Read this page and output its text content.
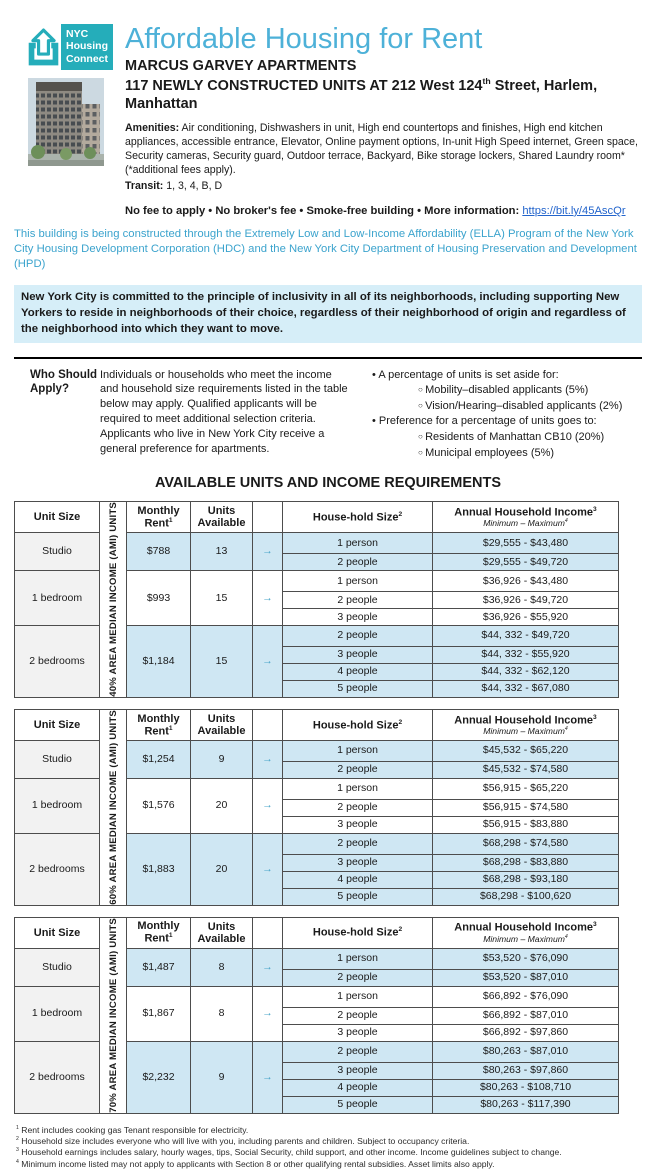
NYC
Housing
Connect
Affordable Housing for Rent
MARCUS GARVEY APARTMENTS
117 NEWLY CONSTRUCTED UNITS AT 212 West 124th Street, Harlem, Manhattan

Amenities: Air conditioning, Dishwashers in unit, High end countertops and finishes, High end kitchen appliances, accessible entrance, Elevator, Online payment options, In-unit High Speed internet, Green space, Security cameras, Security guard, Outdoor terrace, Backyard, Bike storage lockers, Shared Laundry room* (*additional fees apply).

Transit: 1, 3, 4, B, D

No fee to apply • No broker's fee • Smoke-free building • More information: https://bit.ly/45AscQr

This building is being constructed through the Extremely Low and Low-Income Affordability (ELLA) Program of the New York City Housing Development Corporation (HDC) and the New York City Department of Housing Preservation and Development (HPD)

New York City is committed to the principle of inclusivity in all of its neighborhoods, including supporting New Yorkers to reside in neighborhoods of their choice, regardless of their neighborhood of origin and regardless of the neighborhood into which they want to move.
Who Should Apply?
Individuals or households who meet the income and household size requirements listed in the table below may apply. Qualified applicants will be required to meet additional selection criteria. Applicants who live in New York City receive a general preference for apartments.
• A percentage of units is set aside for:
○ Mobility–disabled applicants (5%)
○ Vision/Hearing–disabled applicants (2%)
• Preference for a percentage of units goes to:
○ Residents of Manhattan CB10 (20%)
○ Municipal employees (5%)
AVAILABLE UNITS AND INCOME REQUIREMENTS
Unit Size	40% AREA MEDIAN INCOME (AMI) UNITS	Monthly Rent$^1$	Units Available		House-hold Size$^2$	Annual Household Income$^3$
Minimum – Maximum$^4$

Studio		$788	13	→	1 person	$29,555 - $43,480
					2 people	$29,555 - $49,720
1 bedroom		$993	15	→	1 person	$36,926 - $43,480
					2 people	$36,926 - $49,720
					3 people	$36,926 - $55,920
2 bedrooms		$1,184	15	→	2 people	$44, 332 - $49,720
					3 people	$44, 332 - $55,920
					4 people	$44, 332 - $62,120
					5 people	$44, 332 - $67,080
Unit Size	60% AREA MEDIAN INCOME (AMI) UNITS	Monthly Rent$^1$	Units Available		House-hold Size$^2$	Annual Household Income$^3$
Minimum – Maximum$^4$

Studio		$1,254	9	→	1 person	$45,532 - $65,220
					2 people	$45,532 - $74,580
1 bedroom		$1,576	20	→	1 person	$56,915 - $65,220
					2 people	$56,915 - $74,580
					3 people	$56,915 - $83,880
2 bedrooms		$1,883	20	→	2 people	$68,298 - $74,580
					3 people	$68,298 - $83,880
					4 people	$68,298 - $93,180
					5 people	$68,298 - $100,620
Unit Size	70% AREA MEDIAN INCOME (AMI) UNITS	Monthly Rent$^1$	Units Available		House-hold Size$^2$	Annual Household Income$^3$
Minimum – Maximum$^4$

Studio		$1,487	8	→	1 person	$53,520 - $76,090
					2 people	$53,520 - $87,010
1 bedroom		$1,867	8	→	1 person	$66,892 - $76,090
					2 people	$66,892 - $87,010
					3 people	$66,892 - $97,860
2 bedrooms		$2,232	9	→	2 people	$80,263 - $87,010
					3 people	$80,263 - $97,860
					4 people	$80,263 - $108,710
					5 people	$80,263 - $117,390
$^1$ Rent includes cooking gas Tenant responsible for electricity.
$^2$ Household size includes everyone who will live with you, including parents and children. Subject to occupancy criteria.
$^3$ Household earnings includes salary, hourly wages, tips, Social Security, child support, and other income. Income guidelines subject to change.
$^4$ Minimum income listed may not apply to applicants with Section 8 or other qualifying rental subsidies. Asset limits also apply.
